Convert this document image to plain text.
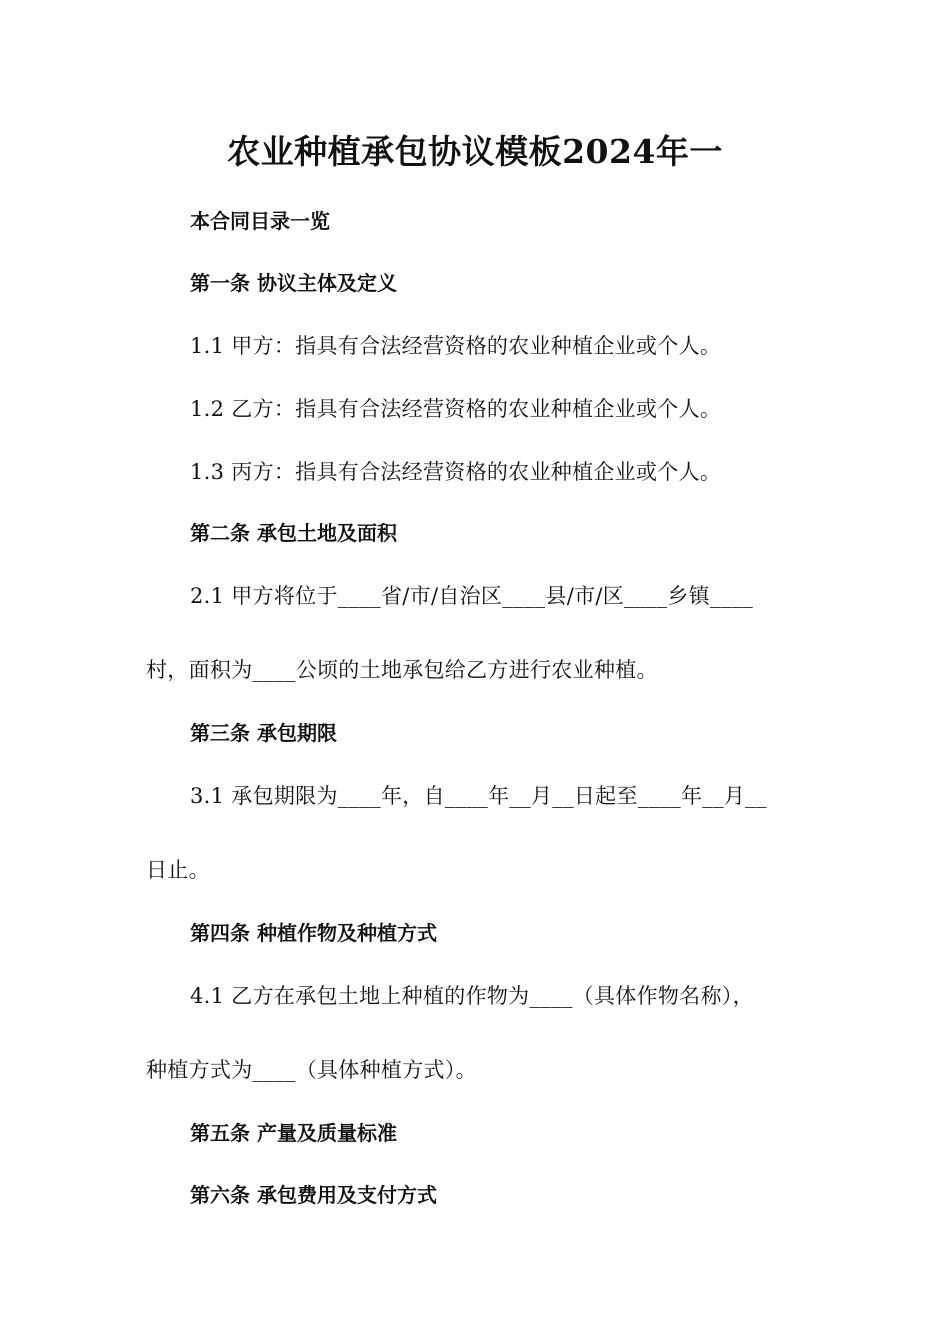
农业种植承包协议模板2024年一
本合同目录一览
第一条 协议主体及定义
1.1 甲方：指具有合法经营资格的农业种植企业或个人。
1.2 乙方：指具有合法经营资格的农业种植企业或个人。
1.3 丙方：指具有合法经营资格的农业种植企业或个人。
第二条 承包土地及面积
2.1 甲方将位于____省/市/自治区____县/市/区____乡镇____
村，面积为____公顷的土地承包给乙方进行农业种植。
第三条 承包期限
3.1 承包期限为____年，自____年__月__日起至____年__月__
日止。
第四条 种植作物及种植方式
4.1 乙方在承包土地上种植的作物为____（具体作物名称），
种植方式为____（具体种植方式）。
第五条 产量及质量标准
第六条 承包费用及支付方式
